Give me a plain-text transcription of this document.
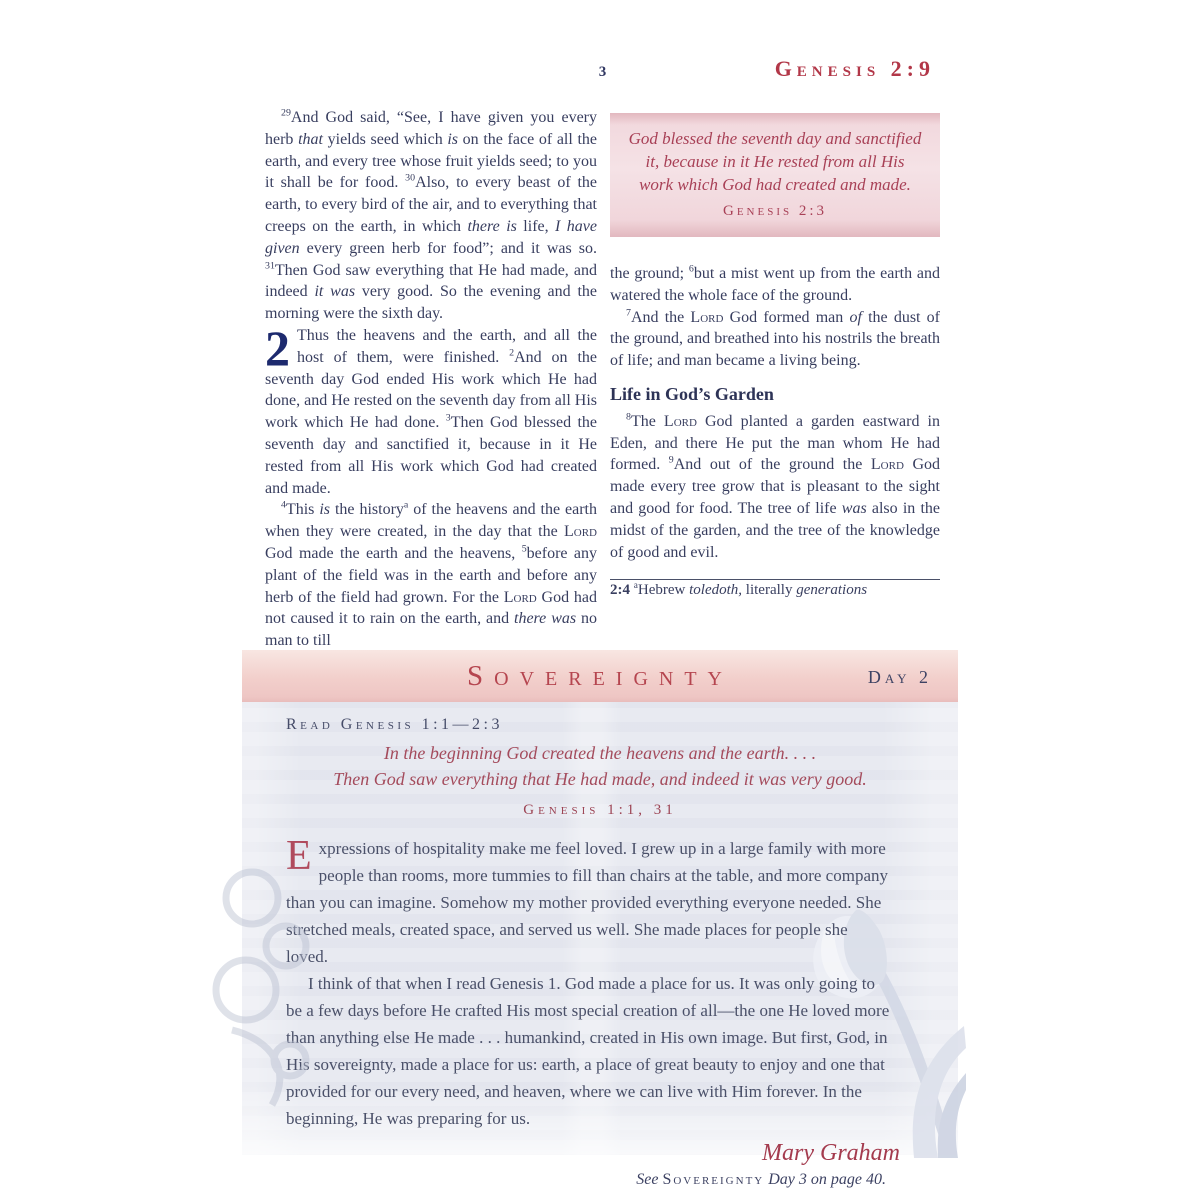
3	Genesis 2:9

$^{29}$And God said, “See, I have given you every herb that yields seed which is on the face of all the earth, and every tree whose fruit yields seed; to you it shall be for food. $^{30}$Also, to every beast of the earth, to every bird of the air, and to everything that creeps on the earth, in which there is life, I have given every green herb for food”; and it was so. $^{31}$Then God saw everything that He had made, and indeed it was very good. So the evening and the morning were the sixth day.

2 Thus the heavens and the earth, and all the host of them, were finished. $^2$And on the seventh day God ended His work which He had done, and He rested on the seventh day from all His work which He had done. $^3$Then God blessed the seventh day and sanctified it, because in it He rested from all His work which God had created and made.

$^4$This is the history$^a$ of the heavens and the earth when they were created, in the day that the Lord God made the earth and the heavens, $^5$before any plant of the field was in the earth and before any herb of the field had grown. For the Lord God had not caused it to rain on the earth, and there was no man to till

God blessed the seventh day and sanctified it, because in it He rested from all His work which God had created and made.
Genesis 2:3

the ground; $^6$but a mist went up from the earth and watered the whole face of the ground.

$^7$And the Lord God formed man of the dust of the ground, and breathed into his nostrils the breath of life; and man became a living being.

Life in God’s Garden

$^8$The Lord God planted a garden eastward in Eden, and there He put the man whom He had formed. $^9$And out of the ground the Lord God made every tree grow that is pleasant to the sight and good for food. The tree of life was also in the midst of the garden, and the tree of the knowledge of good and evil.

2:4 $^a$Hebrew toledoth, literally generations

Sovereignty	Day 2
Read Genesis 1:1—2:3
In the beginning God created the heavens and the earth. . . .
Then God saw everything that He had made, and indeed it was very good.
Genesis 1:1, 31

Expressions of hospitality make me feel loved. I grew up in a large family with more people than rooms, more tummies to fill than chairs at the table, and more company than you can imagine. Somehow my mother provided everything everyone needed. She stretched meals, created space, and served us well. She made places for people she loved.

I think of that when I read Genesis 1. God made a place for us. It was only going to be a few days before He crafted His most special creation of all—the one He loved more than anything else He made . . . humankind, created in His own image. But first, God, in His sovereignty, made a place for us: earth, a place of great beauty to enjoy and one that provided for our every need, and heaven, where we can live with Him forever. In the beginning, He was preparing for us.

Mary Graham
See Sovereignty Day 3 on page 40.
